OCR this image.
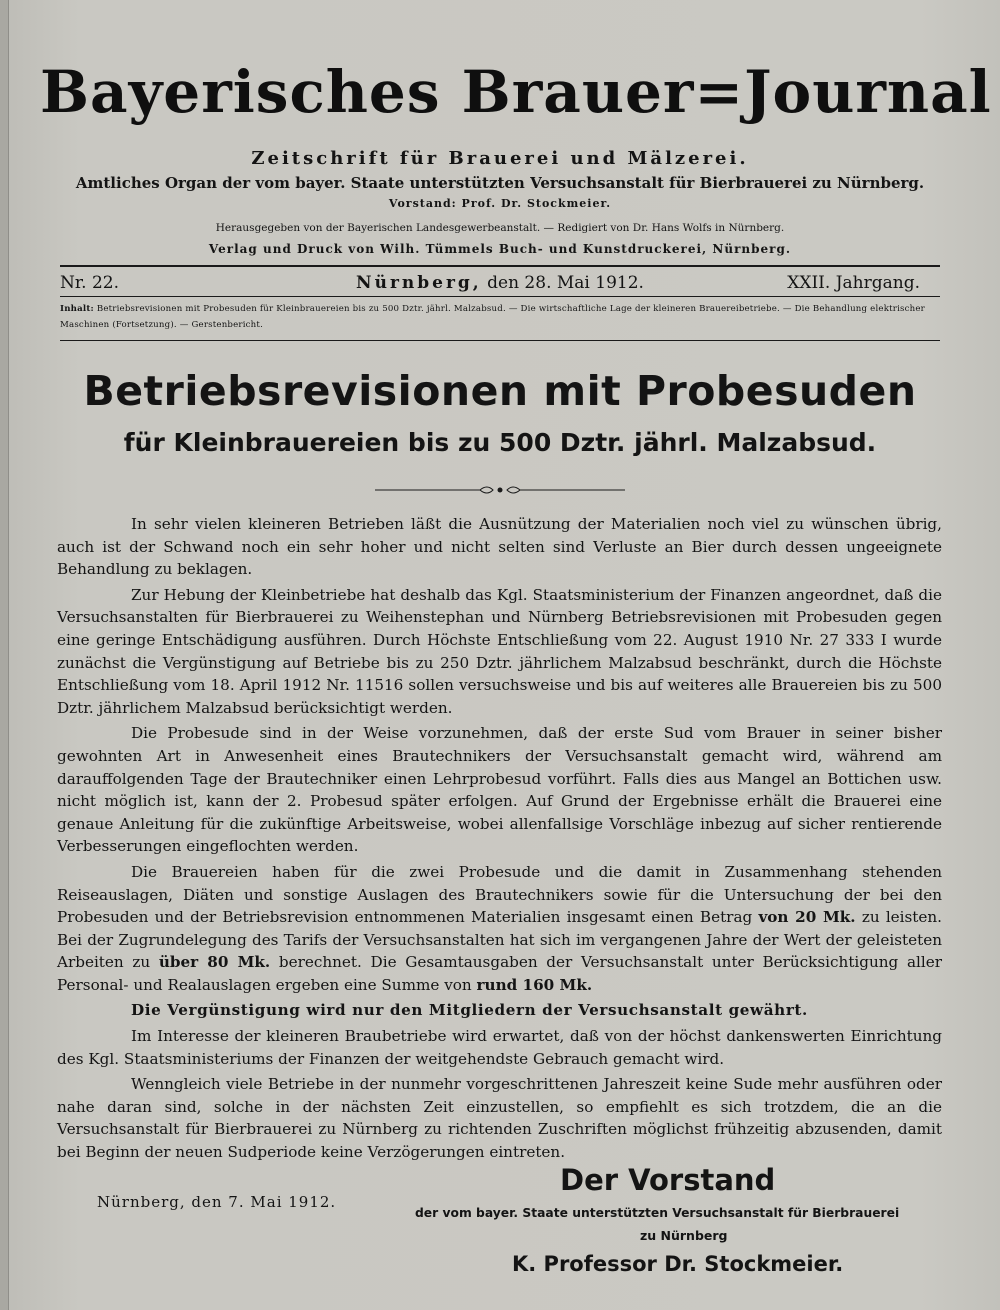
Bayerisches Brauer=Journal
Zeitschrift für Brauerei und Mälzerei.
Amtliches Organ der vom bayer. Staate unterstützten Versuchsanstalt für Bierbrauerei zu Nürnberg.
Vorstand: Prof. Dr. Stockmeier.
Herausgegeben von der Bayerischen Landesgewerbeanstalt. — Redigiert von Dr. Hans Wolfs in Nürnberg.
Verlag und Druck von Wilh. Tümmels Buch- und Kunstdruckerei, Nürnberg.
Nr. 22.	Nürnberg, den 28. Mai 1912.	XXII. Jahrgang.
Inhalt: Betriebsrevisionen mit Probesuden für Kleinbrauereien bis zu 500 Dztr. jährl. Malzabsud. — Die wirtschaftliche Lage der kleineren Brauereibetriebe. — Die Behandlung elektrischer Maschinen (Fortsetzung). — Gerstenbericht.
Betriebsrevisionen mit Probesuden
für Kleinbrauereien bis zu 500 Dztr. jährl. Malzabsud.

In sehr vielen kleineren Betrieben läßt die Ausnützung der Materialien noch viel zu wünschen übrig, auch ist der Schwand noch ein sehr hoher und nicht selten sind Verluste an Bier durch dessen ungeeignete Behandlung zu beklagen.

Zur Hebung der Kleinbetriebe hat deshalb das Kgl. Staatsministerium der Finanzen angeordnet, daß die Versuchsanstalten für Bierbrauerei zu Weihenstephan und Nürnberg Betriebsrevisionen mit Probesuden gegen eine geringe Entschädigung ausführen. Durch Höchste Entschließung vom 22. August 1910 Nr. 27 333 I wurde zunächst die Vergünstigung auf Betriebe bis zu 250 Dztr. jährlichem Malzabsud beschränkt, durch die Höchste Entschließung vom 18. April 1912 Nr. 11516 sollen versuchsweise und bis auf weiteres alle Brauereien bis zu 500 Dztr. jährlichem Malzabsud berücksichtigt werden.

Die Probesude sind in der Weise vorzunehmen, daß der erste Sud vom Brauer in seiner bisher gewohnten Art in Anwesenheit eines Brautechnikers der Versuchsanstalt gemacht wird, während am darauffolgenden Tage der Brautechniker einen Lehrprobesud vorführt. Falls dies aus Mangel an Bottichen usw. nicht möglich ist, kann der 2. Probesud später erfolgen. Auf Grund der Ergebnisse erhält die Brauerei eine genaue Anleitung für die zukünftige Arbeitsweise, wobei allenfallsige Vorschläge inbezug auf sicher rentierende Verbesserungen eingeflochten werden.

Die Brauereien haben für die zwei Probesude und die damit in Zusammenhang stehenden Reiseauslagen, Diäten und sonstige Auslagen des Brautechnikers sowie für die Untersuchung der bei den Probesuden und der Betriebsrevision entnommenen Materialien insgesamt einen Betrag von 20 Mk. zu leisten. Bei der Zugrundelegung des Tarifs der Versuchsanstalten hat sich im vergangenen Jahre der Wert der geleisteten Arbeiten zu über 80 Mk. berechnet. Die Gesamtausgaben der Versuchsanstalt unter Berücksichtigung aller Personal- und Realauslagen ergeben eine Summe von rund 160 Mk.

Die Vergünstigung wird nur den Mitgliedern der Versuchsanstalt gewährt.

Im Interesse der kleineren Braubetriebe wird erwartet, daß von der höchst dankenswerten Einrichtung des Kgl. Staatsministeriums der Finanzen der weitgehendste Gebrauch gemacht wird.

Wenngleich viele Betriebe in der nunmehr vorgeschrittenen Jahreszeit keine Sude mehr ausführen oder nahe daran sind, solche in der nächsten Zeit einzustellen, so empfiehlt es sich trotzdem, die an die Versuchsanstalt für Bierbrauerei zu Nürnberg zu richtenden Zuschriften möglichst frühzeitig abzusenden, damit bei Beginn der neuen Sudperiode keine Verzögerungen eintreten.

Nürnberg, den 7. Mai 1912.
Der Vorstand
der vom bayer. Staate unterstützten Versuchsanstalt für Bierbrauerei
zu Nürnberg
K. Professor Dr. Stockmeier.
